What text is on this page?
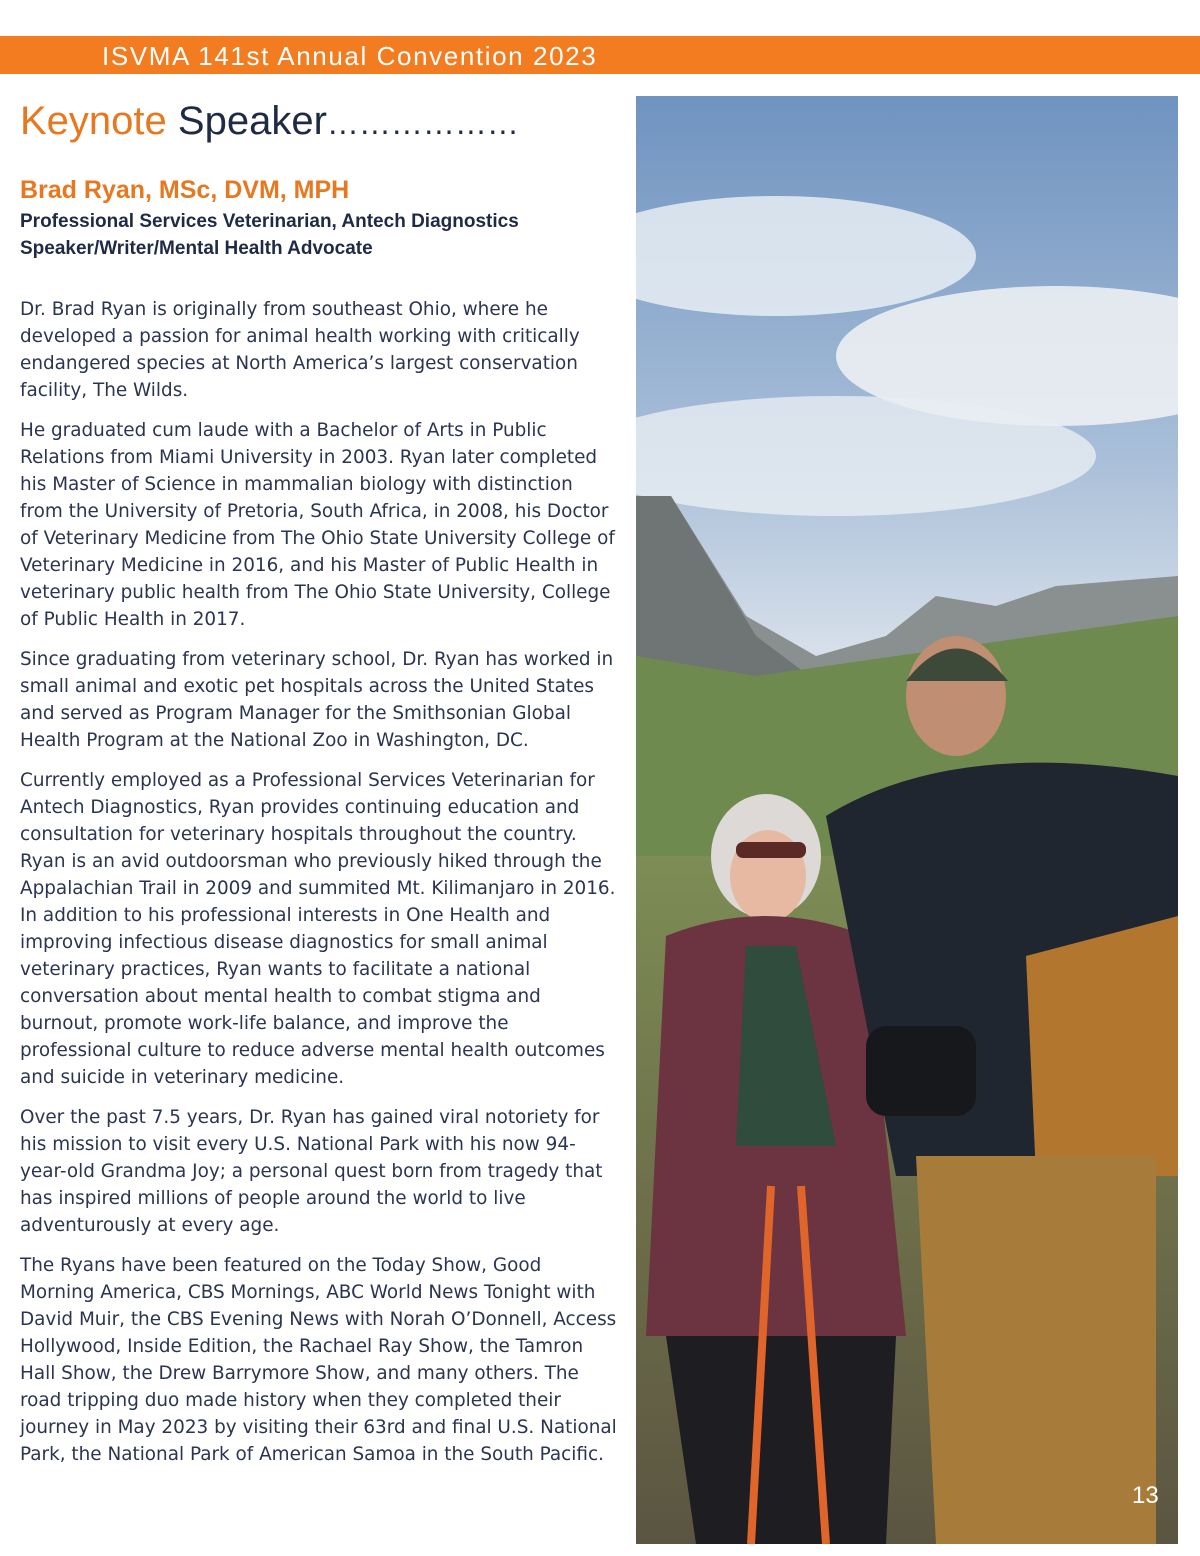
ISVMA 141st Annual Convention 2023
Keynote Speaker………………
Brad Ryan, MSc, DVM, MPH
Professional Services Veterinarian, Antech Diagnostics
Speaker/Writer/Mental Health Advocate

Dr. Brad Ryan is originally from southeast Ohio, where he developed a passion for animal health working with critically endangered species at North America’s largest conservation facility, The Wilds.

He graduated cum laude with a Bachelor of Arts in Public Relations from Miami University in 2003. Ryan later completed his Master of Science in mammalian biology with distinction from the University of Pretoria, South Africa, in 2008, his Doctor of Veterinary Medicine from The Ohio State University College of Veterinary Medicine in 2016, and his Master of Public Health in veterinary public health from The Ohio State University, College of Public Health in 2017.

Since graduating from veterinary school, Dr. Ryan has worked in small animal and exotic pet hospitals across the United States and served as Program Manager for the Smithsonian Global Health Program at the National Zoo in Washington, DC.

Currently employed as a Professional Services Veterinarian for Antech Diagnostics, Ryan provides continuing education and consultation for veterinary hospitals throughout the country. Ryan is an avid outdoorsman who previously hiked through the Appalachian Trail in 2009 and summited Mt. Kilimanjaro in 2016. In addition to his professional interests in One Health and improving infectious disease diagnostics for small animal veterinary practices, Ryan wants to facilitate a national conversation about mental health to combat stigma and burnout, promote work-life balance, and improve the professional culture to reduce adverse mental health outcomes and suicide in veterinary medicine.

Over the past 7.5 years, Dr. Ryan has gained viral notoriety for his mission to visit every U.S. National Park with his now 94-year-old Grandma Joy; a personal quest born from tragedy that has inspired millions of people around the world to live adventurously at every age.

The Ryans have been featured on the Today Show, Good Morning America, CBS Mornings, ABC World News Tonight with David Muir, the CBS Evening News with Norah O’Donnell, Access Hollywood, Inside Edition, the Rachael Ray Show, the Tamron Hall Show, the Drew Barrymore Show, and many others. The road tripping duo made history when they completed their journey in May 2023 by visiting their 63rd and final U.S. National Park, the National Park of American Samoa in the South Pacific.

13
